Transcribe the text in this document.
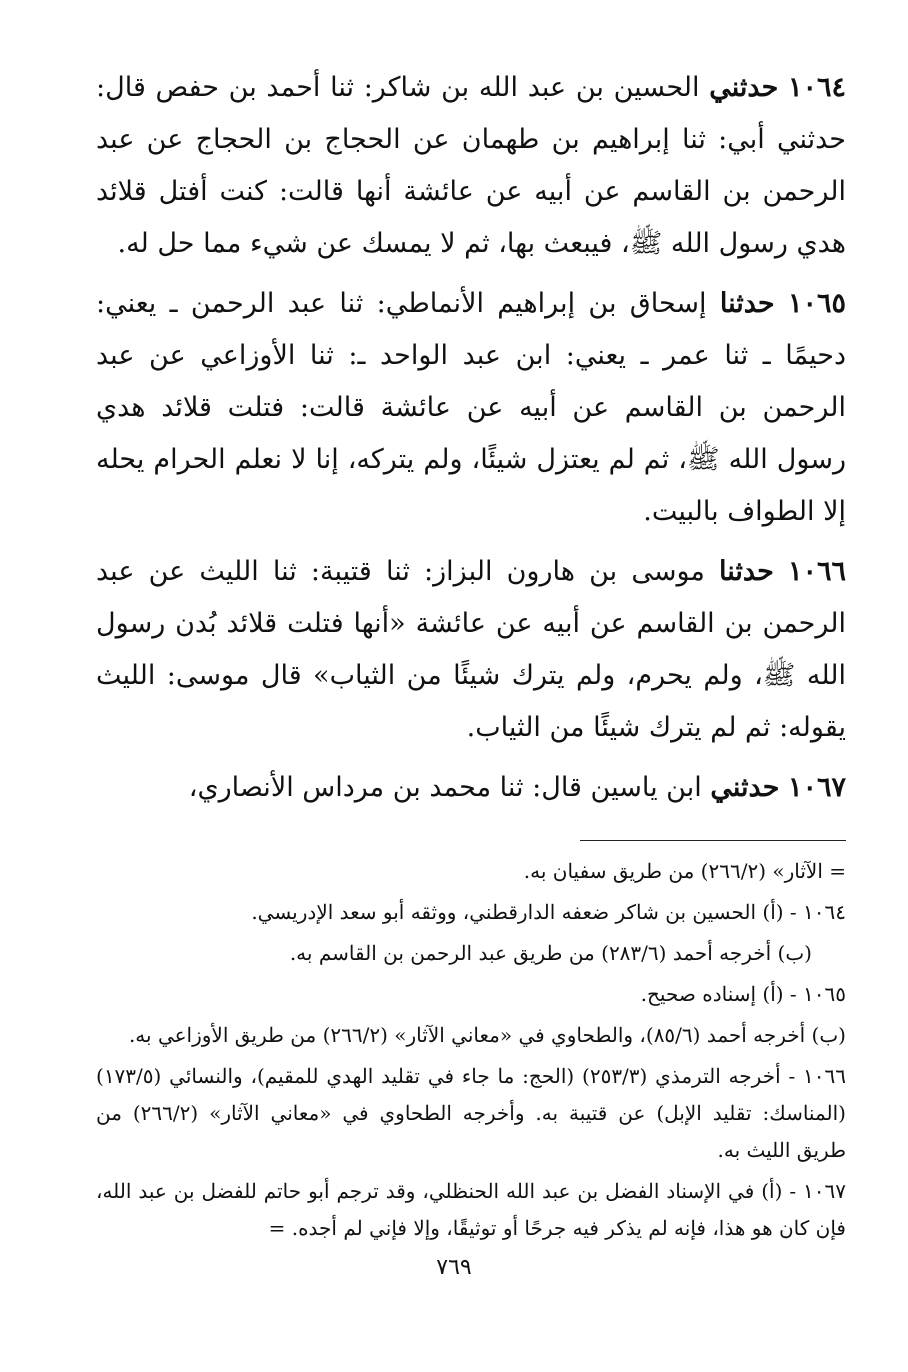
١٠٦٤ حدثني الحسين بن عبد الله بن شاكر: ثنا أحمد بن حفص قال: حدثني أبي: ثنا إبراهيم بن طهمان عن الحجاج بن الحجاج عن عبد الرحمن بن القاسم عن أبيه عن عائشة أنها قالت: كنت أفتل قلائد هدي رسول الله ﷺ، فيبعث بها، ثم لا يمسك عن شيء مما حل له.

١٠٦٥ حدثنا إسحاق بن إبراهيم الأنماطي: ثنا عبد الرحمن ـ يعني: دحيمًا ـ ثنا عمر ـ يعني: ابن عبد الواحد ـ: ثنا الأوزاعي عن عبد الرحمن بن القاسم عن أبيه عن عائشة قالت: فتلت قلائد هدي رسول الله ﷺ، ثم لم يعتزل شيئًا، ولم يتركه، إنا لا نعلم الحرام يحله إلا الطواف بالبيت.

١٠٦٦ حدثنا موسى بن هارون البزاز: ثنا قتيبة: ثنا الليث عن عبد الرحمن بن القاسم عن أبيه عن عائشة «أنها فتلت قلائد بُدن رسول الله ﷺ، ولم يحرم، ولم يترك شيئًا من الثياب» قال موسى: الليث يقوله: ثم لم يترك شيئًا من الثياب.

١٠٦٧ حدثني ابن ياسين قال: ثنا محمد بن مرداس الأنصاري،

= الآثار» (٢٦٦/٢) من طريق سفيان به.

١٠٦٤ - (أ) الحسين بن شاكر ضعفه الدارقطني، ووثقه أبو سعد الإدريسي.

(ب) أخرجه أحمد (٢٨٣/٦) من طريق عبد الرحمن بن القاسم به.

١٠٦٥ - (أ) إسناده صحيح.

(ب) أخرجه أحمد (٨٥/٦)، والطحاوي في «معاني الآثار» (٢٦٦/٢) من طريق الأوزاعي به.

١٠٦٦ - أخرجه الترمذي (٢٥٣/٣) (الحج: ما جاء في تقليد الهدي للمقيم)، والنسائي (١٧٣/٥) (المناسك: تقليد الإبل) عن قتيبة به. وأخرجه الطحاوي في «معاني الآثار» (٢٦٦/٢) من طريق الليث به.

١٠٦٧ - (أ) في الإسناد الفضل بن عبد الله الحنظلي، وقد ترجم أبو حاتم للفضل بن عبد الله، فإن كان هو هذا، فإنه لم يذكر فيه جرحًا أو توثيقًا، وإلا فإني لم أجده. =

٧٦٩
